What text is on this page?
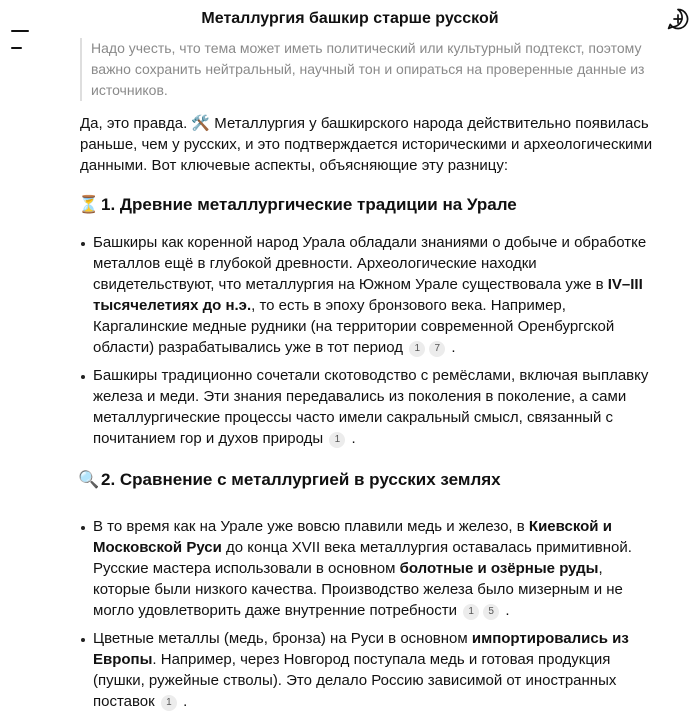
Металлургия башкир старше русской

Надо учесть, что тема может иметь политический или культурный подтекст, поэтому важно сохранить нейтральный, научный тон и опираться на проверенные данные из источников.

Да, это правда. 🛠️ Металлургия у башкирского народа действительно появилась раньше, чем у русских, и это подтверждается историческими и археологическими данными. Вот ключевые аспекты, объясняющие эту разницу:

⏳ 1. Древние металлургические традиции на Урале
Башкиры как коренной народ Урала обладали знаниями о добыче и обработке металлов ещё в глубокой древности. Археологические находки свидетельствуют, что металлургия на Южном Урале существовала уже в IV–III тысячелетиях до н.э., то есть в эпоху бронзового века. Например, Каргалинские медные рудники (на территории современной Оренбургской области) разрабатывались уже в тот период 1 7 .
Башкиры традиционно сочетали скотоводство с ремёслами, включая выплавку железа и меди. Эти знания передавались из поколения в поколение, а сами металлургические процессы часто имели сакральный смысл, связанный с почитанием гор и духов природы 1 .
🔍 2. Сравнение с металлургией в русских землях
В то время как на Урале уже вовсю плавили медь и железо, в Киевской и Московской Руси до конца XVII века металлургия оставалась примитивной. Русские мастера использовали в основном болотные и озёрные руды, которые были низкого качества. Производство железа было мизерным и не могло удовлетворить даже внутренние потребности 1 5 .
Цветные металлы (медь, бронза) на Руси в основном импортировались из Европы. Например, через Новгород поступала медь и готовая продукция (пушки, ружейные стволы). Это делало Россию зависимой от иностранных поставок 1 .
